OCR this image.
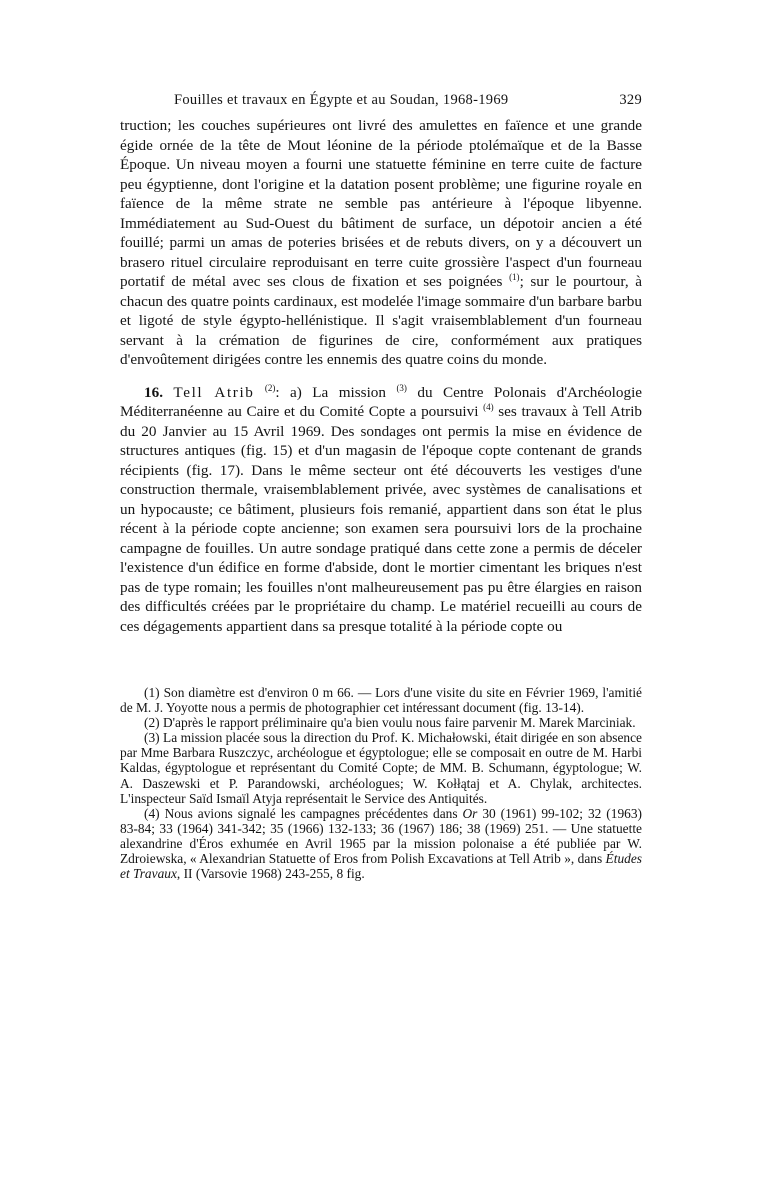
Fouilles et travaux en Égypte et au Soudan, 1968-1969	329

truction; les couches supérieures ont livré des amulettes en faïence et une grande égide ornée de la tête de Mout léonine de la période ptolémaïque et de la Basse Époque. Un niveau moyen a fourni une statuette féminine en terre cuite de facture peu égyptienne, dont l'origine et la datation posent problème; une figurine royale en faïence de la même strate ne semble pas antérieure à l'époque libyenne. Immédiatement au Sud-Ouest du bâtiment de surface, un dépotoir ancien a été fouillé; parmi un amas de poteries brisées et de rebuts divers, on y a découvert un brasero rituel circulaire reproduisant en terre cuite grossière l'aspect d'un fourneau portatif de métal avec ses clous de fixation et ses poignées $^{(1)}$; sur le pourtour, à chacun des quatre points cardinaux, est modelée l'image sommaire d'un barbare barbu et ligoté de style égypto-hellénistique. Il s'agit vraisemblablement d'un fourneau servant à la crémation de figurines de cire, conformément aux pratiques d'envoûtement dirigées contre les ennemis des quatre coins du monde.

16. Tell Atrib $^{(2)}$: a) La mission $^{(3)}$ du Centre Polonais d'Archéologie Méditerranéenne au Caire et du Comité Copte a poursuivi $^{(4)}$ ses travaux à Tell Atrib du 20 Janvier au 15 Avril 1969. Des sondages ont permis la mise en évidence de structures antiques (fig. 15) et d'un magasin de l'époque copte contenant de grands récipients (fig. 17). Dans le même secteur ont été découverts les vestiges d'une construction thermale, vraisemblablement privée, avec systèmes de canalisations et un hypocauste; ce bâtiment, plusieurs fois remanié, appartient dans son état le plus récent à la période copte ancienne; son examen sera poursuivi lors de la prochaine campagne de fouilles. Un autre sondage pratiqué dans cette zone a permis de déceler l'existence d'un édifice en forme d'abside, dont le mortier cimentant les briques n'est pas de type romain; les fouilles n'ont malheureusement pas pu être élargies en raison des difficultés créées par le propriétaire du champ. Le matériel recueilli au cours de ces dégagements appartient dans sa presque totalité à la période copte ou

(1) Son diamètre est d'environ 0 m 66. — Lors d'une visite du site en Février 1969, l'amitié de M. J. Yoyotte nous a permis de photographier cet intéressant document (fig. 13-14).

(2) D'après le rapport préliminaire qu'a bien voulu nous faire parvenir M. Marek Marciniak.

(3) La mission placée sous la direction du Prof. K. Michałowski, était dirigée en son absence par Mme Barbara Ruszczyc, archéologue et égyptologue; elle se composait en outre de M. Harbi Kaldas, égyptologue et représentant du Comité Copte; de MM. B. Schumann, égyptologue; W. A. Daszewski et P. Parandowski, archéologues; W. Kołłątaj et A. Chylak, architectes. L'inspecteur Saïd Ismaïl Atyja représentait le Service des Antiquités.

(4) Nous avions signalé les campagnes précédentes dans Or 30 (1961) 99-102; 32 (1963) 83-84; 33 (1964) 341-342; 35 (1966) 132-133; 36 (1967) 186; 38 (1969) 251. — Une statuette alexandrine d'Éros exhumée en Avril 1965 par la mission polonaise a été publiée par W. Zdroiewska, « Alexandrian Statuette of Eros from Polish Excavations at Tell Atrib », dans Études et Travaux, II (Varsovie 1968) 243-255, 8 fig.
